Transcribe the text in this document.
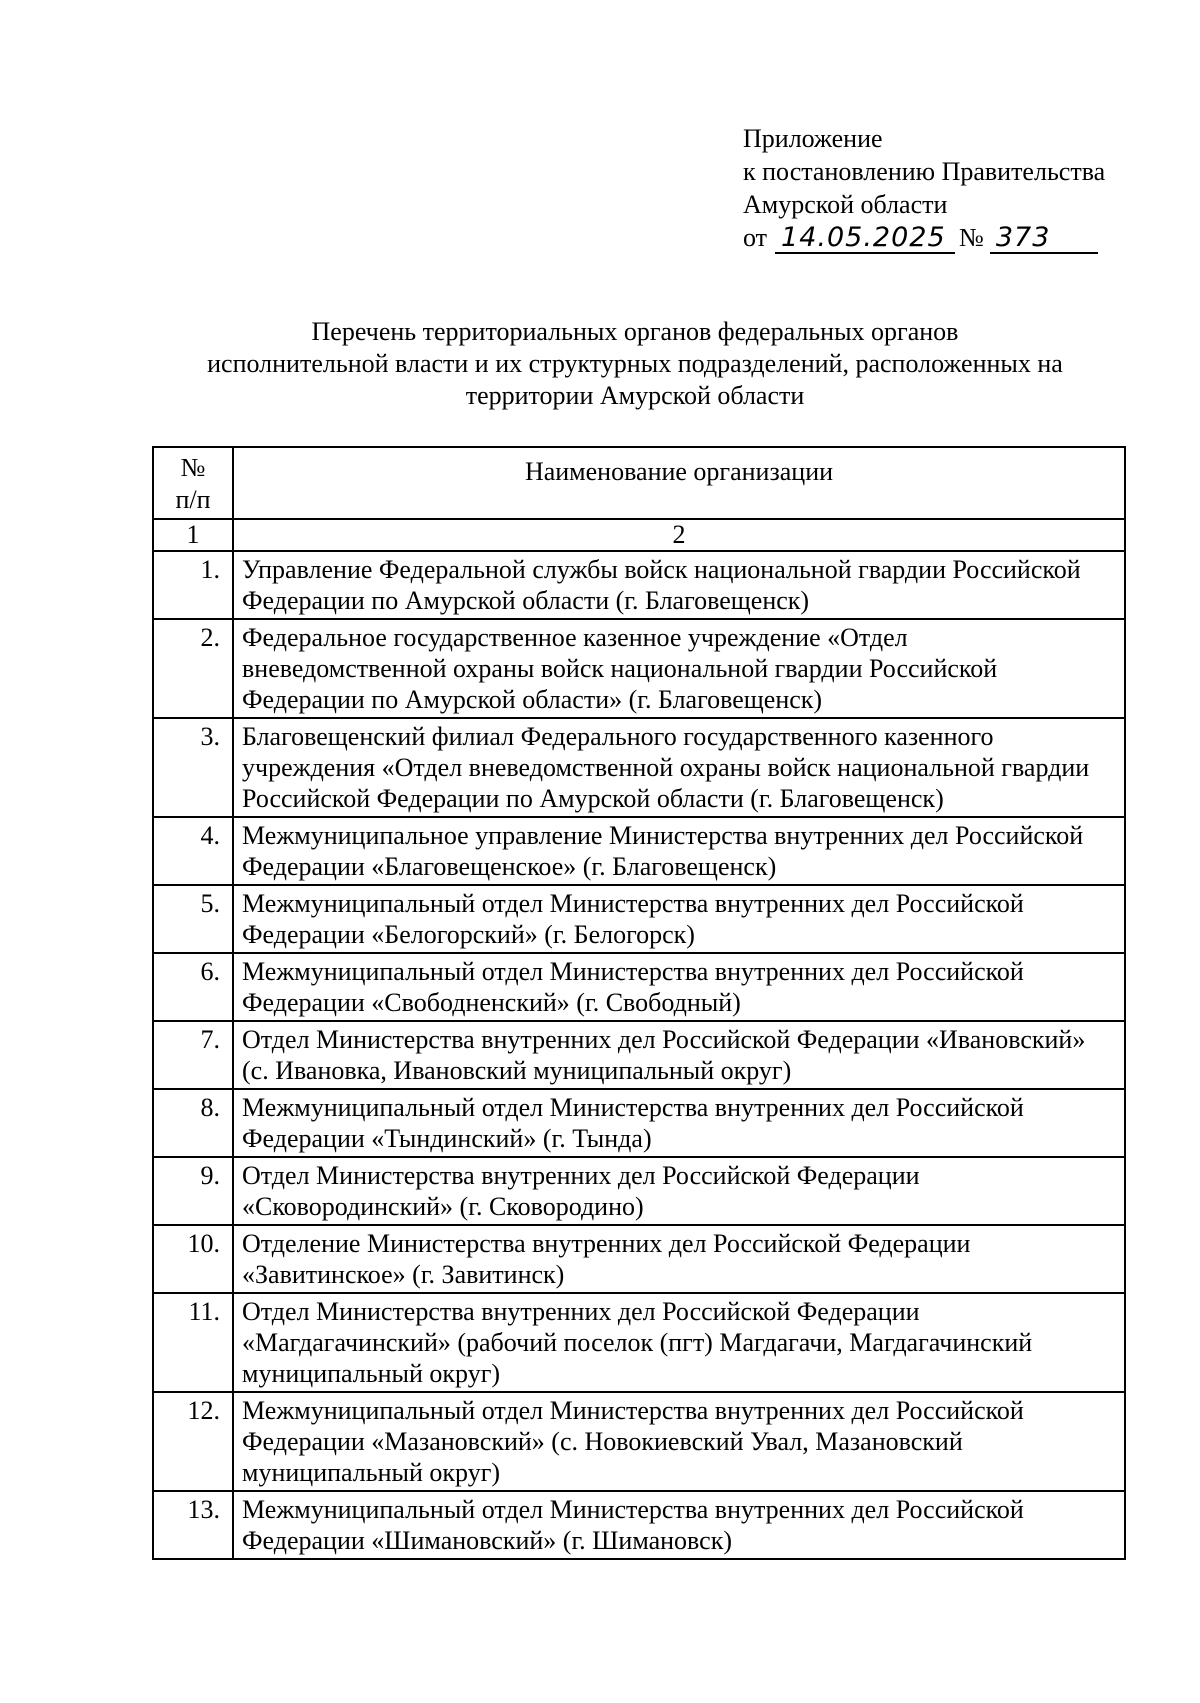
Приложение
к постановлению Правительства
Амурской области
от 14.05.2025 № 373
Перечень территориальных органов федеральных органов
исполнительной власти и их структурных подразделений, расположенных на
территории Амурской области
№
п/п	Наименование организации
1	2
1.	Управление Федеральной службы войск национальной гвардии Российской Федерации по Амурской области (г. Благовещенск)
2.	Федеральное государственное казенное учреждение «Отдел вневедомственной охраны войск национальной гвардии Российской Федерации по Амурской области» (г. Благовещенск)
3.	Благовещенский филиал Федерального государственного казенного учреждения «Отдел вневедомственной охраны войск национальной гвардии Российской Федерации по Амурской области (г. Благовещенск)
4.	Межмуниципальное управление Министерства внутренних дел Российской Федерации «Благовещенское» (г. Благовещенск)
5.	Межмуниципальный отдел Министерства внутренних дел Российской Федерации «Белогорский» (г. Белогорск)
6.	Межмуниципальный отдел Министерства внутренних дел Российской Федерации «Свободненский» (г. Свободный)
7.	Отдел Министерства внутренних дел Российской Федерации «Ивановский» (с. Ивановка, Ивановский муниципальный округ)
8.	Межмуниципальный отдел Министерства внутренних дел Российской Федерации «Тындинский» (г. Тында)
9.	Отдел Министерства внутренних дел Российской Федерации «Сковородинский» (г. Сковородино)
10.	Отделение Министерства внутренних дел Российской Федерации «Завитинское» (г. Завитинск)
11.	Отдел Министерства внутренних дел Российской Федерации «Магдагачинский» (рабочий поселок (пгт) Магдагачи, Магдагачинский муниципальный округ)
12.	Межмуниципальный отдел Министерства внутренних дел Российской Федерации «Мазановский» (с. Новокиевский Увал, Мазановский муниципальный округ)
13.	Межмуниципальный отдел Министерства внутренних дел Российской Федерации «Шимановский» (г. Шимановск)
